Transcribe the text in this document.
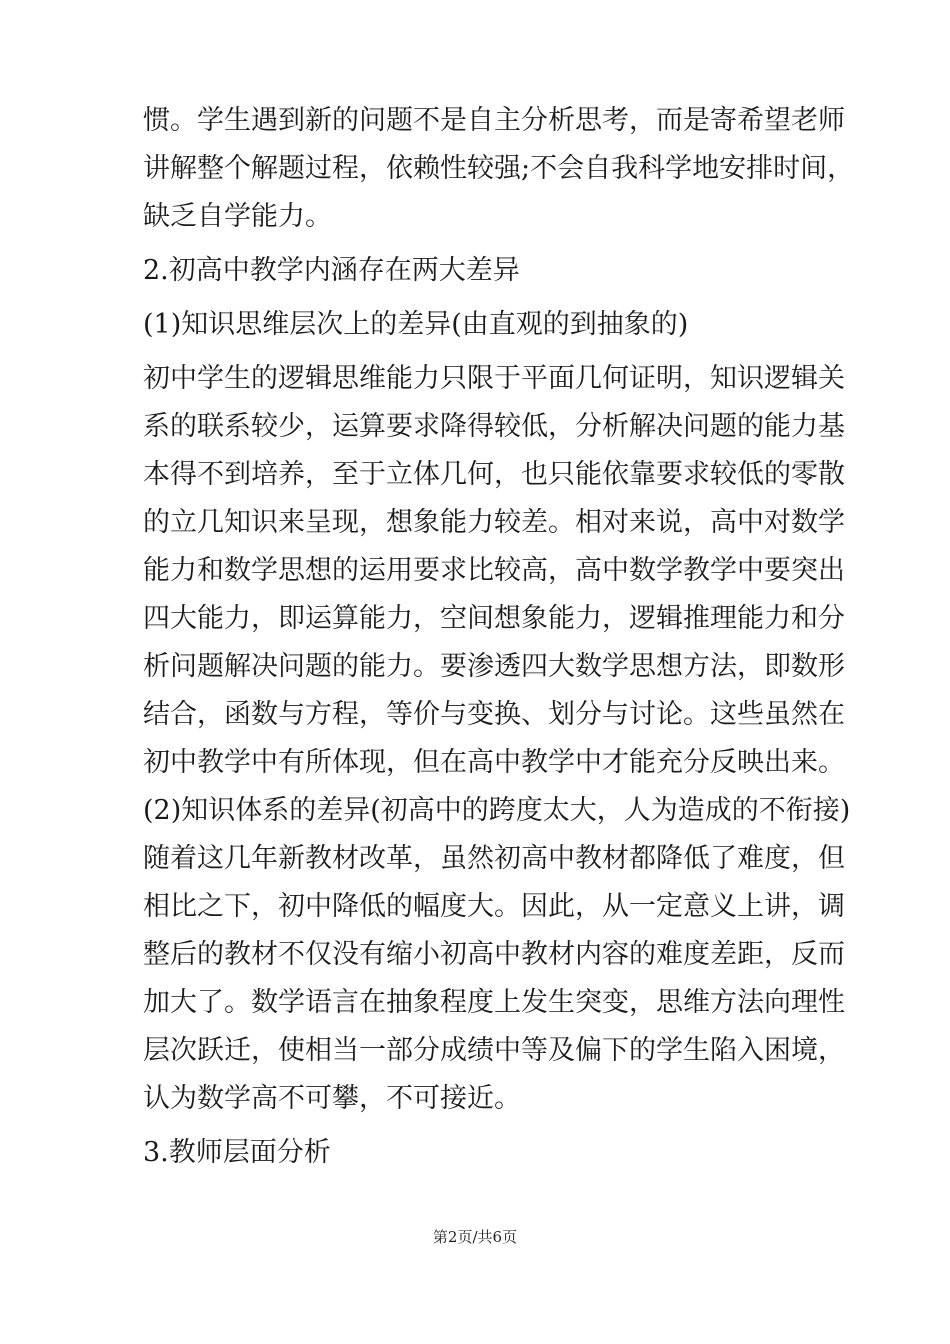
惯。学生遇到新的问题不是自主分析思考，而是寄希望老师
讲解整个解题过程，依赖性较强;不会自我科学地安排时间，
缺乏自学能力。
2.初高中教学内涵存在两大差异
(1)知识思维层次上的差异(由直观的到抽象的)
初中学生的逻辑思维能力只限于平面几何证明，知识逻辑关
系的联系较少，运算要求降得较低，分析解决问题的能力基
本得不到培养，至于立体几何，也只能依靠要求较低的零散
的立几知识来呈现，想象能力较差。相对来说，高中对数学
能力和数学思想的运用要求比较高，高中数学教学中要突出
四大能力，即运算能力，空间想象能力，逻辑推理能力和分
析问题解决问题的能力。要渗透四大数学思想方法，即数形
结合，函数与方程，等价与变换、划分与讨论。这些虽然在
初中教学中有所体现，但在高中教学中才能充分反映出来。
(2)知识体系的差异(初高中的跨度太大，人为造成的不衔接)
随着这几年新教材改革，虽然初高中教材都降低了难度，但
相比之下，初中降低的幅度大。因此，从一定意义上讲，调
整后的教材不仅没有缩小初高中教材内容的难度差距，反而
加大了。数学语言在抽象程度上发生突变，思维方法向理性
层次跃迁，使相当一部分成绩中等及偏下的学生陷入困境，
认为数学高不可攀，不可接近。
3.教师层面分析
第2页/共6页
